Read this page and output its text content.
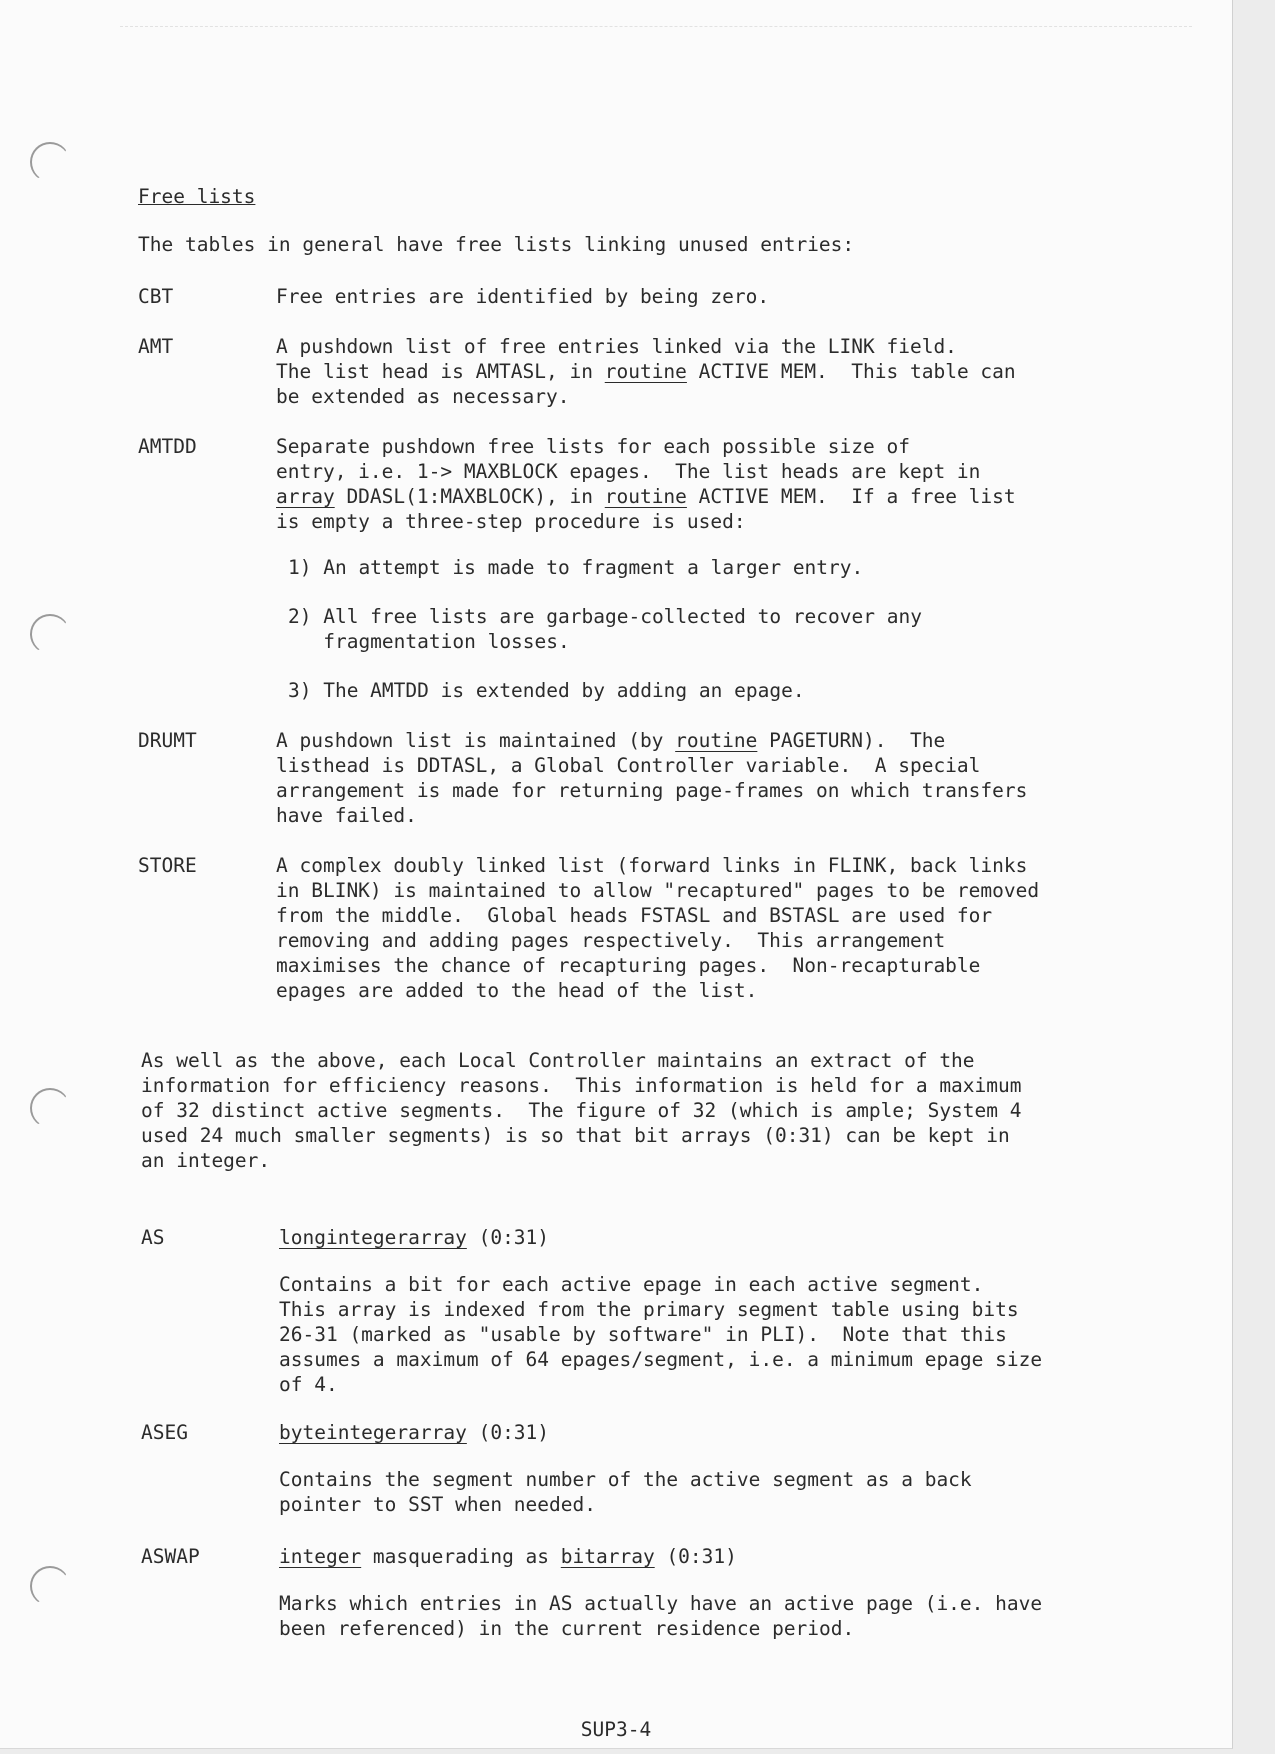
Free lists
The tables in general have free lists linking unused entries:
CBT	Free entries are identified by being zero.
AMT	A pushdown list of free entries linked via the LINK field.
The list head is AMTASL, in routine ACTIVE MEM.  This table can
be extended as necessary.
AMTDD	Separate pushdown free lists for each possible size of
entry, i.e. 1-> MAXBLOCK epages.  The list heads are kept in
array DDASL(1:MAXBLOCK), in routine ACTIVE MEM.  If a free list
is empty a three-step procedure is used:
1) An attempt is made to fragment a larger entry.
2) All free lists are garbage-collected to recover any
fragmentation losses.
3) The AMTDD is extended by adding an epage.
DRUMT	A pushdown list is maintained (by routine PAGETURN).  The
listhead is DDTASL, a Global Controller variable.  A special
arrangement is made for returning page-frames on which transfers
have failed.
STORE	A complex doubly linked list (forward links in FLINK, back links
in BLINK) is maintained to allow "recaptured" pages to be removed
from the middle.  Global heads FSTASL and BSTASL are used for
removing and adding pages respectively.  This arrangement
maximises the chance of recapturing pages.  Non-recapturable
epages are added to the head of the list.
As well as the above, each Local Controller maintains an extract of the
information for efficiency reasons.  This information is held for a maximum
of 32 distinct active segments.  The figure of 32 (which is ample; System 4
used 24 much smaller segments) is so that bit arrays (0:31) can be kept in
an integer.
AS	longintegerarray (0:31)
Contains a bit for each active epage in each active segment.
This array is indexed from the primary segment table using bits
26-31 (marked as "usable by software" in PLI).  Note that this
assumes a maximum of 64 epages/segment, i.e. a minimum epage size
of 4.
ASEG	byteintegerarray (0:31)
Contains the segment number of the active segment as a back
pointer to SST when needed.
ASWAP	integer masquerading as bitarray (0:31)
Marks which entries in AS actually have an active page (i.e. have
been referenced) in the current residence period.
SUP3-4
